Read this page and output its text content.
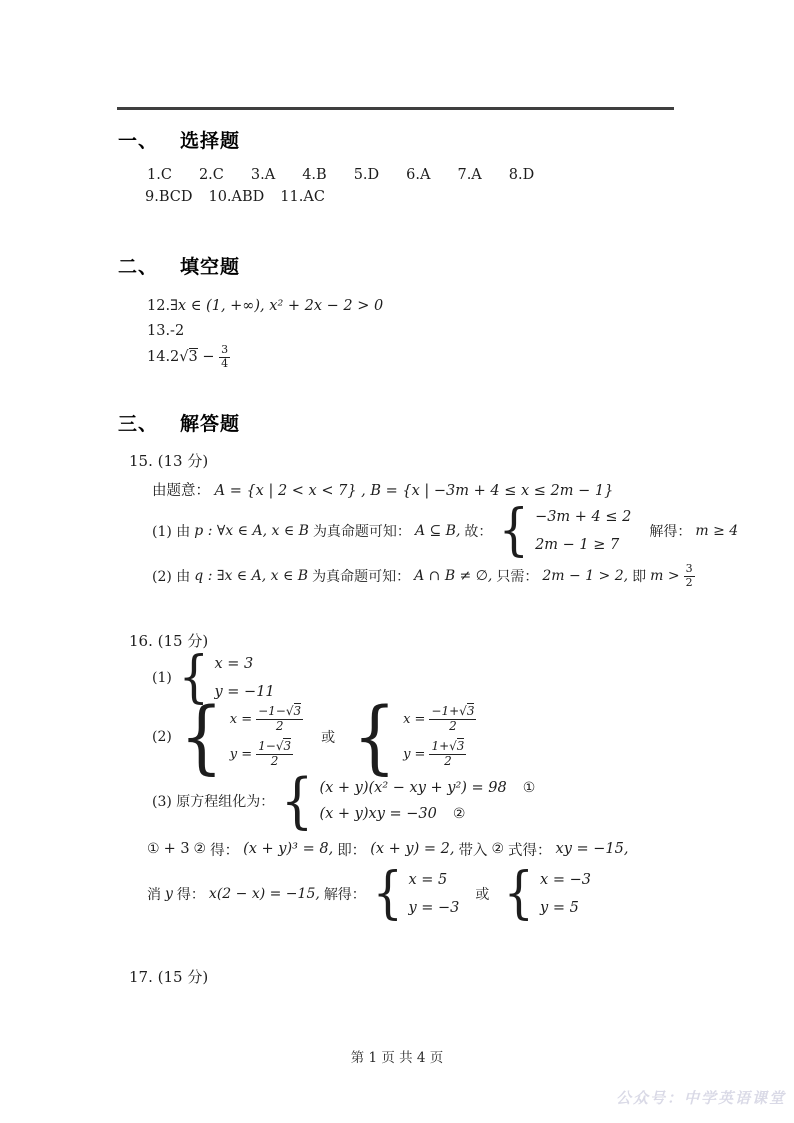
一、 选择题
1.C 2.C 3.A 4.B 5.D 6.A 7.A 8.D
9.BCD 10.ABD 11.AC
二、 填空题
12.∃x ∈ (1, +∞), x² + 2x − 2 > 0
13.-2
$14.2√3 - \frac{3}{4}$
三、 解答题
15. (13 分)
由题意： A = {x | 2 < x < 7} , B = {x | −3m + 4 ≤ x ≤ 2m − 1}
(1) 由 p : ∀x ∈ A, x ∈ B 为真命题可知： A ⊆ B, 故： { −3m + 4 ≤ 2
2m − 1 ≥ 7
解得： m ≥ 4
(2) 由 q : ∃x ∈ A, x ∈ B 为真命题可知： A ∩ B ≠ ∅, 只需： 2m − 1 > 2, 即 $m > \frac{3}{2}$
16. (15 分)
(1) { x = 3
y = −11
(2) { $x = \frac{-1-√3}{2}$
$y = \frac{1-√3}{2}$
或 { $x = \frac{-1+√3}{2}$
$y = \frac{1+√3}{2}$
(3) 原方程组化为： { (x + y)(x² − xy + y²) = 98 ①
(x + y)xy = −30 ②
① + 3 ② 得： (x + y)³ = 8, 即： (x + y) = 2, 带入 ② 式得： xy = −15,
消 y 得： x(2 − x) = −15, 解得： { x = 5
y = −3
或 { x = −3
y = 5
17. (15 分)
第 1 页 共 4 页
公众号：中学英语课堂
